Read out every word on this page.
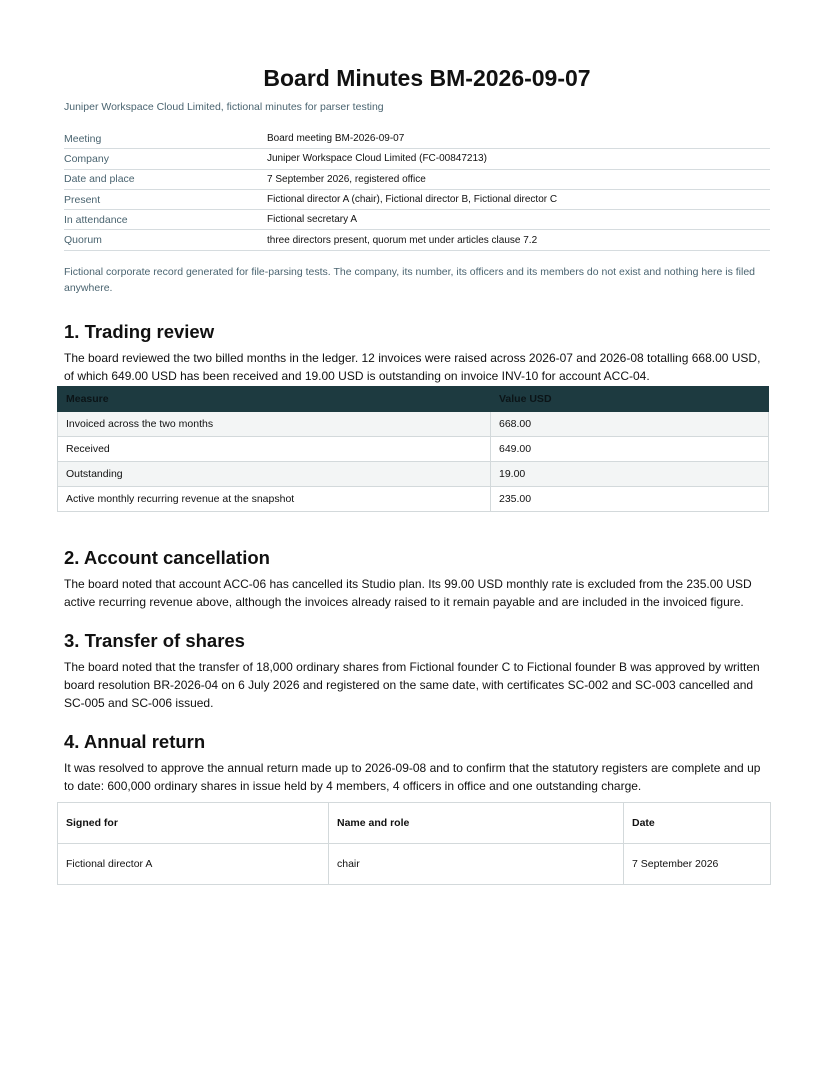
Board Minutes BM-2026-09-07
Juniper Workspace Cloud Limited, fictional minutes for parser testing
Meeting	Board meeting BM-2026-09-07
Company	Juniper Workspace Cloud Limited (FC-00847213)
Date and place	7 September 2026, registered office
Present	Fictional director A (chair), Fictional director B, Fictional director C
In attendance	Fictional secretary A
Quorum	three directors present, quorum met under articles clause 7.2
Fictional corporate record generated for file-parsing tests. The company, its number, its officers and its members do not exist and nothing here is filed anywhere.
1. Trading review

The board reviewed the two billed months in the ledger. 12 invoices were raised across 2026-07 and 2026-08 totalling 668.00 USD, of which 649.00 USD has been received and 19.00 USD is outstanding on invoice INV-10 for account ACC-04.

Measure	Value USD
Invoiced across the two months	668.00
Received	649.00
Outstanding	19.00
Active monthly recurring revenue at the snapshot	235.00
2. Account cancellation

The board noted that account ACC-06 has cancelled its Studio plan. Its 99.00 USD monthly rate is excluded from the 235.00 USD active recurring revenue above, although the invoices already raised to it remain payable and are included in the invoiced figure.

3. Transfer of shares

The board noted that the transfer of 18,000 ordinary shares from Fictional founder C to Fictional founder B was approved by written board resolution BR-2026-04 on 6 July 2026 and registered on the same date, with certificates SC-002 and SC-003 cancelled and SC-005 and SC-006 issued.

4. Annual return

It was resolved to approve the annual return made up to 2026-09-08 and to confirm that the statutory registers are complete and up to date: 600,000 ordinary shares in issue held by 4 members, 4 officers in office and one outstanding charge.

Signed for	Name and role	Date
Fictional director A	chair	7 September 2026
